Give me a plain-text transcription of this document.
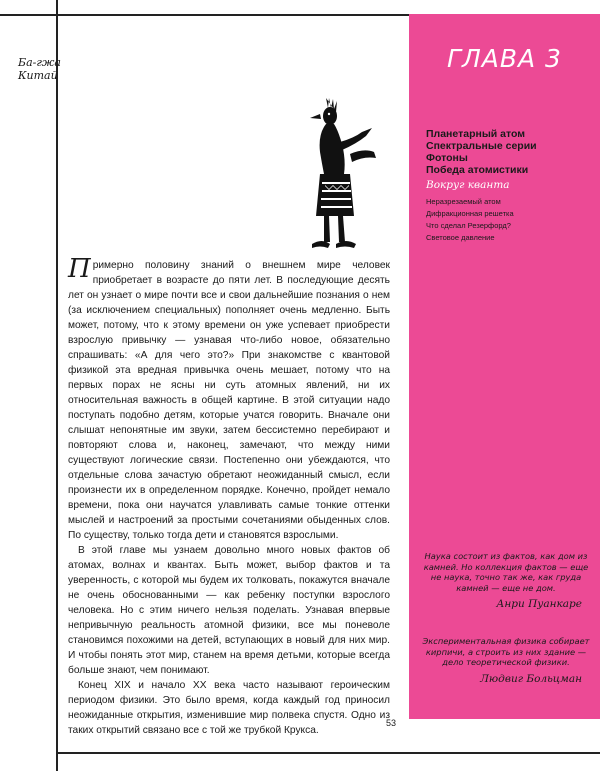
Ба-гжа
Китай
ГЛАВА 3
Планетарный атом
Спектральные серии
Фотоны
Победа атомистики
Вокруг кванта
Неразрезаемый атом
Дифракционная решетка
Что сделал Резерфорд?
Световое давление

Примерно половину знаний о внешнем мире человек приобретает в возрасте до пяти лет. В последующие десять лет он узнает о мире почти все и свои дальнейшие познания о нем (за исключением специальных) пополняет очень медленно. Быть может, потому, что к этому времени он уже успевает приобрести взрослую привычку — узнавая что-либо новое, обязательно спрашивать: «А для чего это?» При знакомстве с квантовой физикой эта вредная привычка очень мешает, потому что на первых порах не ясны ни суть атомных явлений, ни их относительная важность в общей картине. В этой ситуации надо поступать подобно детям, которые учатся говорить. Вначале они слышат непонятные им звуки, затем бессистемно перебирают и повторяют слова и, наконец, замечают, что между ними существуют логические связи. Постепенно они убеждаются, что отдельные слова зачастую обретают неожиданный смысл, если произнести их в определенном порядке. Конечно, пройдет немало времени, пока они научатся улавливать самые тонкие оттенки мыслей и настроений за простыми сочетаниями обыденных слов. По существу, только тогда дети и становятся взрослыми.

В этой главе мы узнаем довольно много новых фактов об атомах, волнах и квантах. Быть может, выбор фактов и та уверенность, с которой мы будем их толковать, покажутся вначале не очень обоснованными — как ребенку поступки взрослого человека. Но с этим ничего нельзя поделать. Узнавая впервые непривычную реальность атомной физики, все мы поневоле становимся похожими на детей, вступающих в новый для них мир. И чтобы понять этот мир, станем на время детьми, которые всегда больше знают, чем понимают.

Конец XIX и начало XX века часто называют героическим периодом физики. Это было время, когда каждый год приносил неожиданные открытия, изменившие мир полвека спустя. Одно из таких открытий связано все с той же трубкой Крукса.

Наука состоит из фактов, как дом из камней. Но коллекция фактов — еще не наука, точно так же, как груда камней — еще не дом.
Анри Пуанкаре
Экспериментальная физика собирает кирпичи, а строить из них здание — дело теоретической физики.
Людвиг Больцман
53
